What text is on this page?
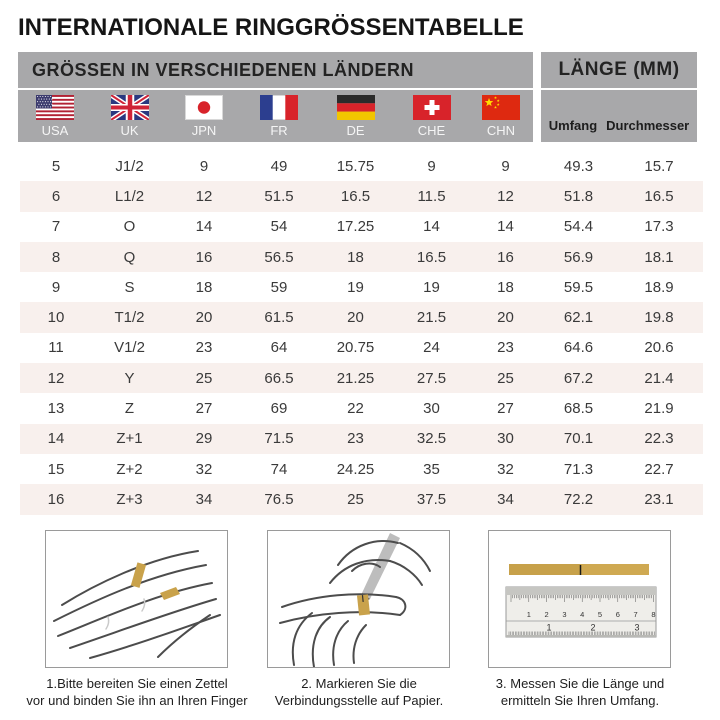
INTERNATIONALE RINGGRÖSSENTABELLE
GRÖSSEN IN VERSCHIEDENEN LÄNDERN	LÄNGE (MM)
USA	UK	JPN	FR	DE	CHE	CHN	Umfang Durchmesser
5	J1/2	9	49	15.75	9	9	49.3	15.7
6	L1/2	12	51.5	16.5	11.5	12	51.8	16.5
7	O	14	54	17.25	14	14	54.4	17.3
8	Q	16	56.5	18	16.5	16	56.9	18.1
9	S	18	59	19	19	18	59.5	18.9
10	T1/2	20	61.5	20	21.5	20	62.1	19.8
11	V1/2	23	64	20.75	24	23	64.6	20.6
12	Y	25	66.5	21.25	27.5	25	67.2	21.4
13	Z	27	69	22	30	27	68.5	21.9
14	Z+1	29	71.5	23	32.5	30	70.1	22.3
15	Z+2	32	74	24.25	35	32	71.3	22.7
16	Z+3	34	76.5	25	37.5	34	72.2	23.1
1 2 3 4 5 6 7 8
1	2	3
1.Bitte bereiten Sie einen Zettel
vor und binden Sie ihn an Ihren Finger
2. Markieren Sie die
Verbindungsstelle auf Papier.
3. Messen Sie die Länge und
ermitteln Sie Ihren Umfang.
